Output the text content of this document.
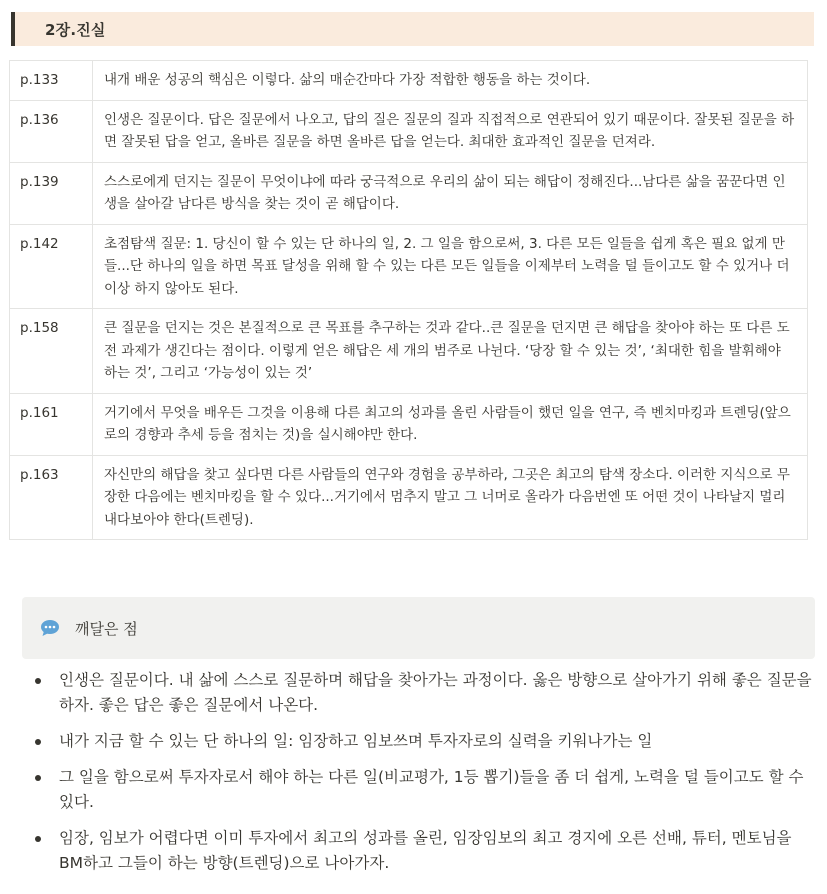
2장.진실
p.133	내개 배운 성공의 핵심은 이렇다. 삶의 매순간마다 가장 적합한 행동을 하는 것이다.
p.136	인생은 질문이다. 답은 질문에서 나오고, 답의 질은 질문의 질과 직접적으로 연관되어 있기 때문이다. 잘못된 질문을 하면 잘못된 답을 얻고, 올바른 질문을 하면 올바른 답을 얻는다. 최대한 효과적인 질문을 던져라.
p.139	스스로에게 던지는 질문이 무엇이냐에 따라 궁극적으로 우리의 삶이 되는 해답이 정해진다...남다른 삶을 꿈꾼다면 인생을 살아갈 남다른 방식을 찾는 것이 곧 해답이다.
p.142	초점탐색 질문: 1. 당신이 할 수 있는 단 하나의 일, 2. 그 일을 함으로써, 3. 다른 모든 일들을 쉽게 혹은 필요 없게 만들...단 하나의 일을 하면 목표 달성을 위해 할 수 있는 다른 모든 일들을 이제부터 노력을 덜 들이고도 할 수 있거나 더 이상 하지 않아도 된다.
p.158	큰 질문을 던지는 것은 본질적으로 큰 목표를 추구하는 것과 같다..큰 질문을 던지면 큰 해답을 찾아야 하는 또 다른 도전 과제가 생긴다는 점이다. 이렇게 얻은 해답은 세 개의 범주로 나뉜다. ‘당장 할 수 있는 것’, ‘최대한 힘을 발휘해야 하는 것’, 그리고 ‘가능성이 있는 것’
p.161	거기에서 무엇을 배우든 그것을 이용해 다른 최고의 성과를 올린 사람들이 했던 일을 연구, 즉 벤치마킹과 트렌딩(앞으로의 경향과 추세 등을 점치는 것)을 실시해야만 한다.
p.163	자신만의 해답을 찾고 싶다면 다른 사람들의 연구와 경험을 공부하라, 그곳은 최고의 탐색 장소다. 이러한 지식으로 무장한 다음에는 벤치마킹을 할 수 있다...거기에서 멈추지 말고 그 너머로 올라가 다음번엔 또 어떤 것이 나타날지 멀리 내다보아야 한다(트렌딩).
깨달은 점
인생은 질문이다. 내 삶에 스스로 질문하며 해답을 찾아가는 과정이다. 옳은 방향으로 살아가기 위해 좋은 질문을 하자. 좋은 답은 좋은 질문에서 나온다.
내가 지금 할 수 있는 단 하나의 일: 임장하고 임보쓰며 투자자로의 실력을 키워나가는 일
그 일을 함으로써 투자자로서 해야 하는 다른 일(비교평가, 1등 뽑기)들을 좀 더 쉽게, 노력을 덜 들이고도 할 수 있다.
임장, 임보가 어렵다면 이미 투자에서 최고의 성과를 올린, 임장임보의 최고 경지에 오른 선배, 튜터, 멘토님을 BM하고 그들이 하는 방향(트렌딩)으로 나아가자.
